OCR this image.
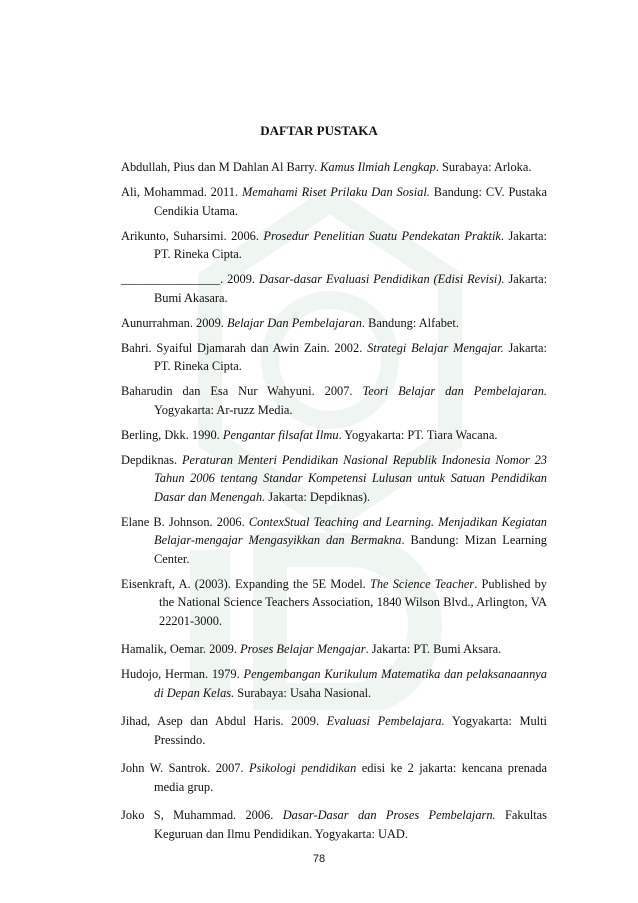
DAFTAR PUSTAKA
Abdullah, Pius dan M Dahlan Al Barry. Kamus Ilmiah Lengkap. Surabaya: Arloka.
Ali, Mohammad. 2011. Memahami Riset Prilaku Dan Sosial. Bandung: CV. Pustaka Cendikia Utama.
Arikunto, Suharsimi. 2006. Prosedur Penelitian Suatu Pendekatan Praktik. Jakarta: PT. Rineka Cipta.
________________. 2009. Dasar-dasar Evaluasi Pendidikan (Edisi Revisi). Jakarta: Bumi Akasara.
Aunurrahman. 2009. Belajar Dan Pembelajaran. Bandung: Alfabet.
Bahri. Syaiful Djamarah dan Awin Zain. 2002. Strategi Belajar Mengajar. Jakarta: PT. Rineka Cipta.
Baharudin dan Esa Nur Wahyuni. 2007. Teori Belajar dan Pembelajaran. Yogyakarta: Ar-ruzz Media.
Berling, Dkk. 1990. Pengantar filsafat Ilmu. Yogyakarta: PT. Tiara Wacana.
Depdiknas. Peraturan Menteri Pendidikan Nasional Republik Indonesia Nomor 23 Tahun 2006 tentang Standar Kompetensi Lulusan untuk Satuan Pendidikan Dasar dan Menengah. Jakarta: Depdiknas).
Elane B. Johnson. 2006. ContexStual Teaching and Learning. Menjadikan Kegiatan Belajar-mengajar Mengasyikkan dan Bermakna. Bandung: Mizan Learning Center.
Eisenkraft, A. (2003). Expanding the 5E Model. The Science Teacher. Published by the National Science Teachers Association, 1840 Wilson Blvd., Arlington, VA 22201-3000.
Hamalik, Oemar. 2009. Proses Belajar Mengajar. Jakarta: PT. Bumi Aksara.
Hudojo, Herman. 1979. Pengembangan Kurikulum Matematika dan pelaksanaannya di Depan Kelas. Surabaya: Usaha Nasional.
Jihad, Asep dan Abdul Haris. 2009. Evaluasi Pembelajara. Yogyakarta: Multi Pressindo.
John W. Santrok. 2007. Psikologi pendidikan edisi ke 2 jakarta: kencana prenada media grup.
Joko S, Muhammad. 2006. Dasar-Dasar dan Proses Pembelajarn. Fakultas Keguruan dan Ilmu Pendidikan. Yogyakarta: UAD.
78
